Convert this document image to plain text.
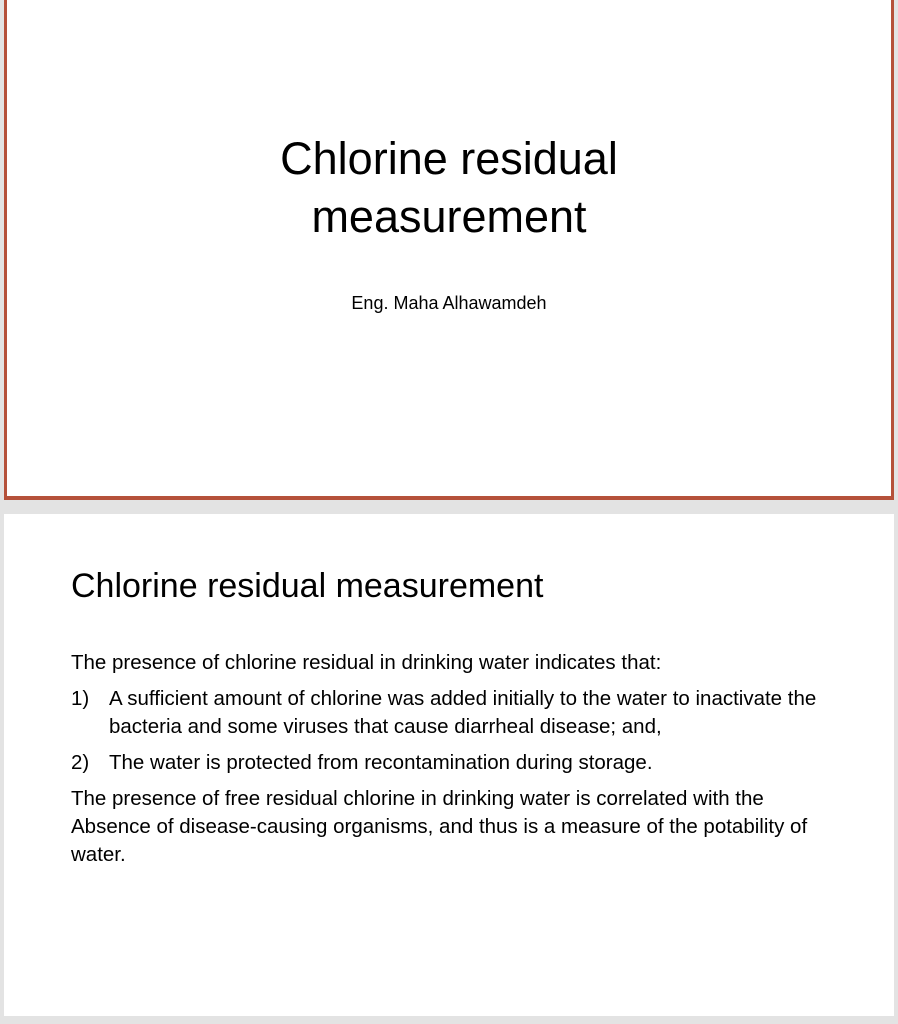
Chlorine residual
measurement
Eng. Maha Alhawamdeh
Chlorine residual measurement

The presence of chlorine residual in drinking water indicates that:

1) A sufficient amount of chlorine was added initially to the water to inactivate the bacteria and some viruses that cause diarrheal disease; and,
2) The water is protected from recontamination during storage.

The presence of free residual chlorine in drinking water is correlated with the Absence of disease-causing organisms, and thus is a measure of the potability of water.
